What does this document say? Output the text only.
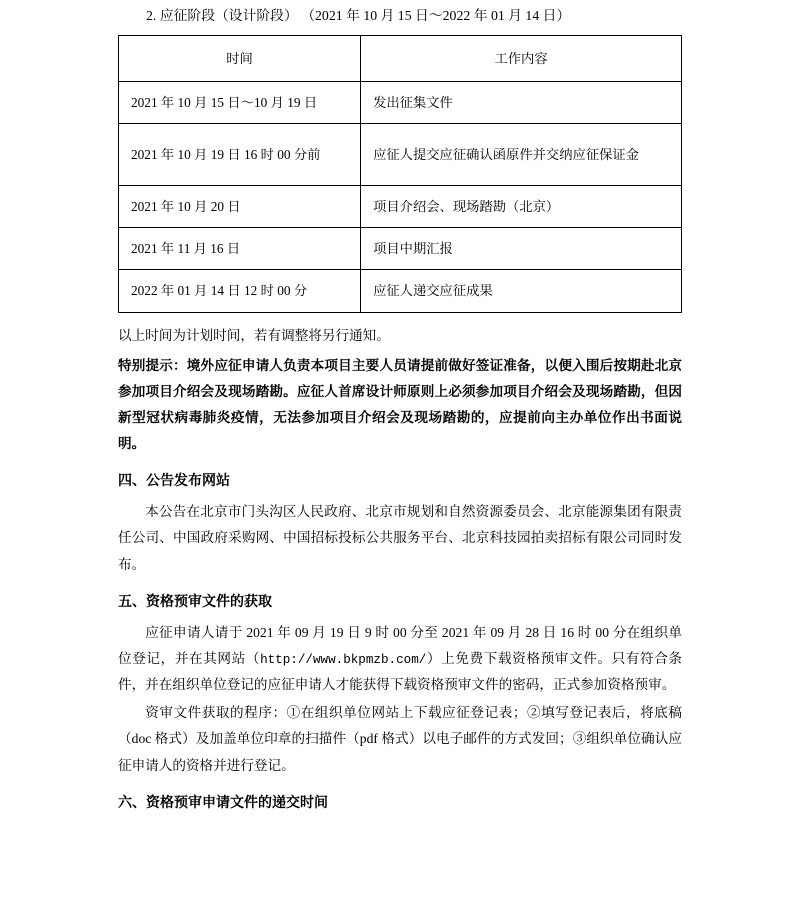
2. 应征阶段（设计阶段） （2021 年 10 月 15 日～2022 年 01 月 14 日）
时间	工作内容
2021 年 10 月 15 日～10 月 19 日	发出征集文件
2021 年 10 月 19 日 16 时 00 分前	应征人提交应征确认函原件并交纳应征保证金
2021 年 10 月 20 日	项目介绍会、现场踏勘（北京）
2021 年 11 月 16 日	项目中期汇报
2022 年 01 月 14 日 12 时 00 分	应征人递交应征成果

以上时间为计划时间，若有调整将另行通知。

特别提示：境外应征申请人负责本项目主要人员请提前做好签证准备，以便入围后按期赴北京参加项目介绍会及现场踏勘。应征人首席设计师原则上必须参加项目介绍会及现场踏勘，但因新型冠状病毒肺炎疫情，无法参加项目介绍会及现场踏勘的，应提前向主办单位作出书面说明。

四、公告发布网站

本公告在北京市门头沟区人民政府、北京市规划和自然资源委员会、北京能源集团有限责任公司、中国政府采购网、中国招标投标公共服务平台、北京科技园拍卖招标有限公司同时发布。

五、资格预审文件的获取

应征申请人请于 2021 年 09 月 19 日 9 时 00 分至 2021 年 09 月 28 日 16 时 00 分在组织单位登记，并在其网站（http://www.bkpmzb.com/）上免费下载资格预审文件。只有符合条件，并在组织单位登记的应征申请人才能获得下载资格预审文件的密码，正式参加资格预审。

资审文件获取的程序：①在组织单位网站上下载应征登记表；②填写登记表后，将底稿（doc 格式）及加盖单位印章的扫描件（pdf 格式）以电子邮件的方式发回；③组织单位确认应征申请人的资格并进行登记。

六、资格预审申请文件的递交时间
